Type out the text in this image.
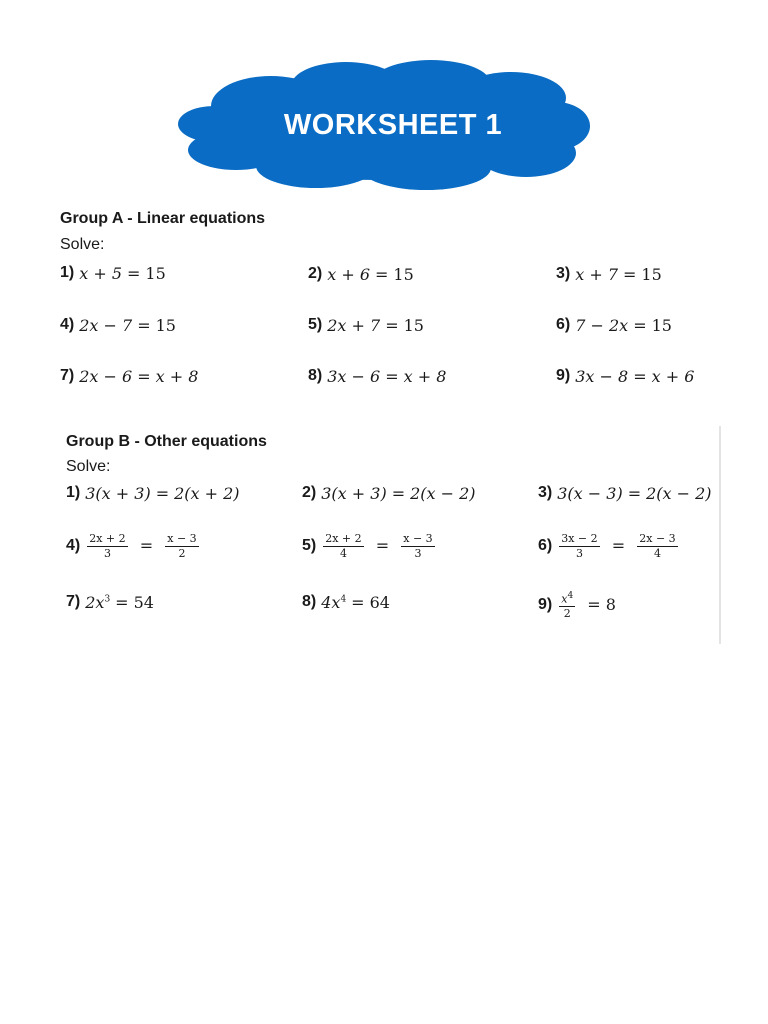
WORKSHEET 1
Group A - Linear equations
Solve:
1) x + 5 = 15	2) x + 6 = 15	3) x + 7 = 15
4) 2x − 7 = 15	5) 2x + 7 = 15	6) 7 − 2x = 15
7) 2x − 6 = x + 8	8) 3x − 6 = x + 8	9) 3x − 8 = x + 6
Group B - Other equations
Solve:
1) 3(x + 3) = 2(x + 2)	2) 3(x + 3) = 2(x − 2)	3) 3(x − 3) = 2(x − 2)
$4) \frac{2x + 2}{3} = \frac{x - 3}{2}$	$5) \frac{2x + 2}{4} = \frac{x - 3}{3}$	$6) \frac{3x - 2}{3} = \frac{2x - 3}{4}$
7) $2x^3 = 54$	8) $4x^4 = 64$	$9) \frac{x^4}{2} = 8$
